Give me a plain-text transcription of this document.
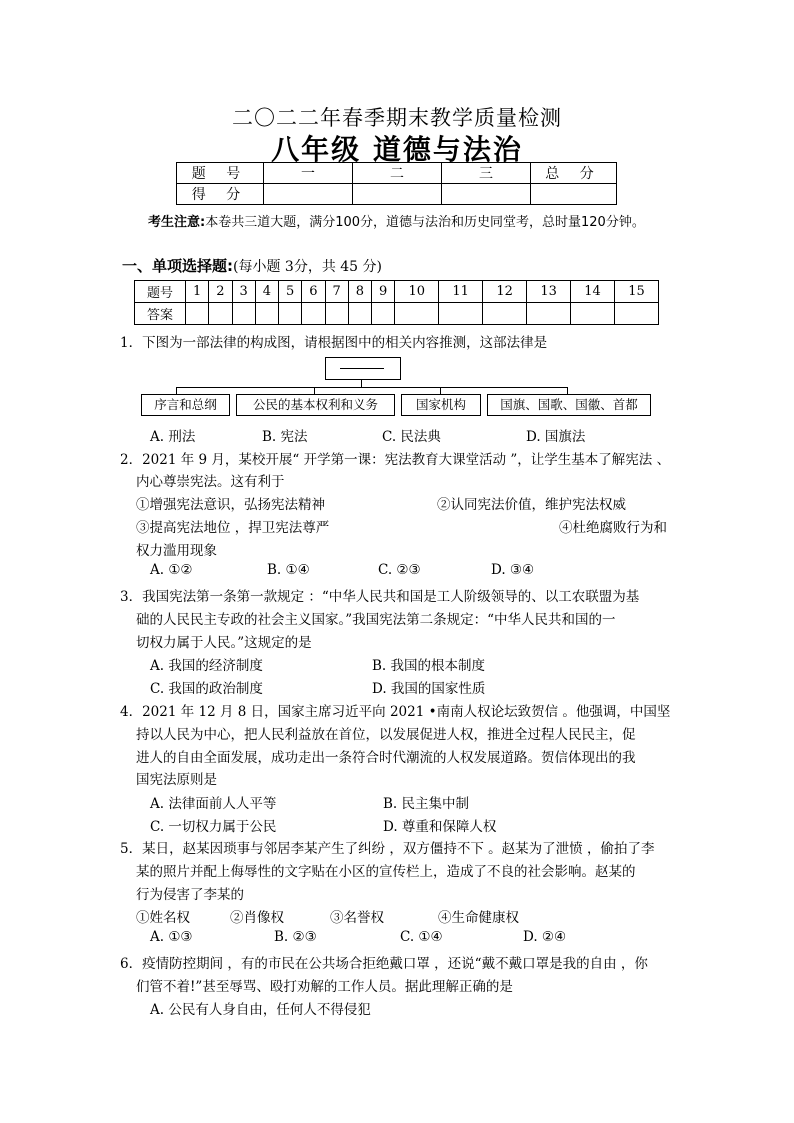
二〇二二年春季期末教学质量检测
八年级 道德与法治
题 号	一	二	三	总 分
得 分				
考生注意:本卷共三道大题，满分100分，道德与法治和历史同堂考，总时量120分钟。
一、单项选择题:(每小题 3分，共 45 分)
题号	1	2	3	4	5	6	7	8	9	10	11	12	13	14	15
答案															
1．下图为一部法律的构成图，请根据图中的相关内容推测，这部法律是
序言和总纲	公民的基本权利和义务	国家机构	国旗、国歌、国徽、首都
A. 刑法	B. 宪法	C. 民法典	D. 国旗法
2．2021 年 9 月，某校开展“ 开学第一课：宪法教育大课堂活动 ”，让学生基本了解宪法 、
内心尊崇宪法。这有利于
①增强宪法意识，弘扬宪法精神	②认同宪法价值，维护宪法权威
③提高宪法地位 ，捍卫宪法尊严	④杜绝腐败行为和
权力滥用现象
A. ①②	B. ①④	C. ②③	D. ③④
3．我国宪法第一条第一款规定 ：“中华人民共和国是工人阶级领导的、以工农联盟为基
础的人民民主专政的社会主义国家。”我国宪法第二条规定：“中华人民共和国的一
切权力属于人民。”这规定的是
A. 我国的经济制度	B. 我国的根本制度
C. 我国的政治制度	D. 我国的国家性质
4．2021 年 12 月 8 日，国家主席习近平向 2021 •南南人权论坛致贺信 。他强调，中国坚
持以人民为中心，把人民利益放在首位，以发展促进人权，推进全过程人民民主，促
进人的自由全面发展，成功走出一条符合时代潮流的人权发展道路。贺信体现出的我
国宪法原则是
A. 法律面前人人平等	B. 民主集中制
C. 一切权力属于公民	D. 尊重和保障人权
5．某日，赵某因琐事与邻居李某产生了纠纷 ，双方僵持不下 。赵某为了泄愤 ，偷拍了李
某的照片并配上侮辱性的文字贴在小区的宣传栏上，造成了不良的社会影响。赵某的
行为侵害了李某的
①姓名权	②肖像权	③名誉权	④生命健康权
A. ①③	B. ②③	C. ①④	D. ②④
6．疫情防控期间 ，有的市民在公共场合拒绝戴口罩 ，还说“戴不戴口罩是我的自由 ，你
们管不着!”甚至辱骂、殴打劝解的工作人员。据此理解正确的是
A. 公民有人身自由，任何人不得侵犯
